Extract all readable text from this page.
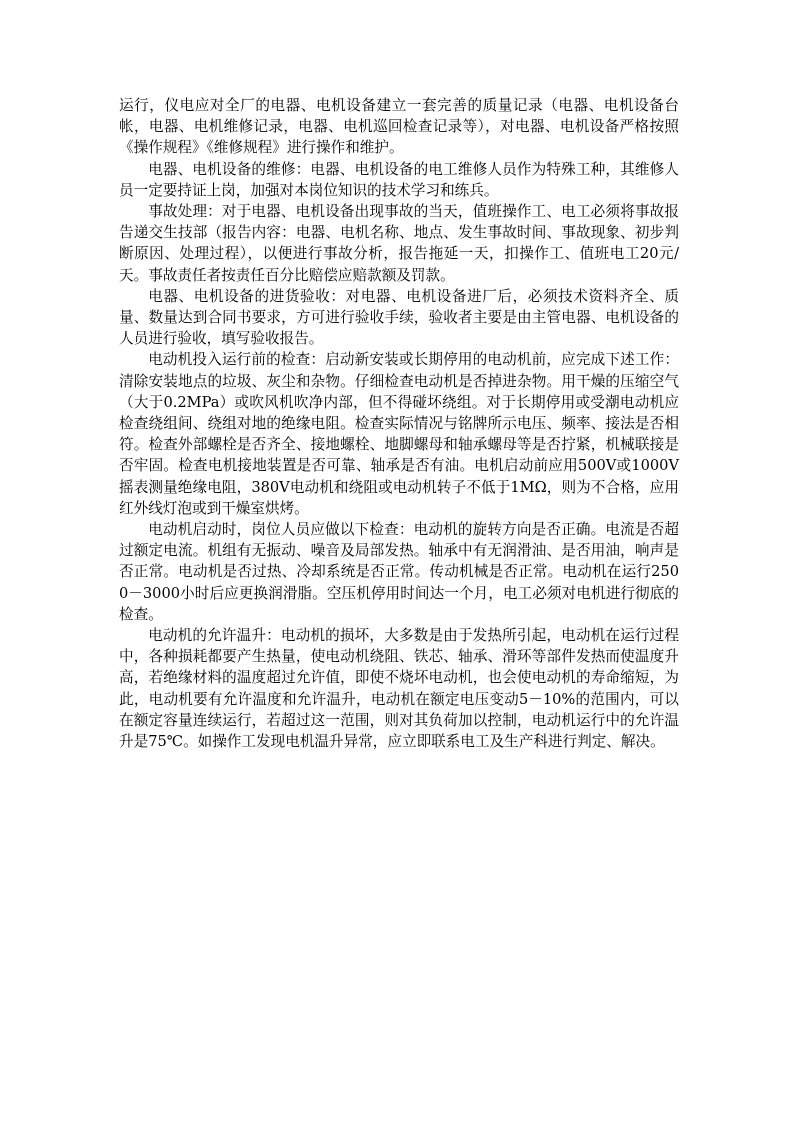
运行，仪电应对全厂的电器、电机设备建立一套完善的质量记录（电器、电机设备台帐，电器、电机维修记录，电器、电机巡回检查记录等），对电器、电机设备严格按照《操作规程》《维修规程》进行操作和维护。

电器、电机设备的维修：电器、电机设备的电工维修人员作为特殊工种，其维修人员一定要持证上岗，加强对本岗位知识的技术学习和练兵。

事故处理：对于电器、电机设备出现事故的当天，值班操作工、电工必须将事故报告递交生技部（报告内容：电器、电机名称、地点、发生事故时间、事故现象、初步判断原因、处理过程），以便进行事故分析，报告拖延一天，扣操作工、值班电工20元/天。事故责任者按责任百分比赔偿应赔款额及罚款。

电器、电机设备的进货验收：对电器、电机设备进厂后，必须技术资料齐全、质量、数量达到合同书要求，方可进行验收手续，验收者主要是由主管电器、电机设备的人员进行验收，填写验收报告。

电动机投入运行前的检查：启动新安装或长期停用的电动机前，应完成下述工作：清除安装地点的垃圾、灰尘和杂物。仔细检查电动机是否掉进杂物。用干燥的压缩空气（大于0.2MPa）或吹风机吹净内部，但不得碰坏绕组。对于长期停用或受潮电动机应检查绕组间、绕组对地的绝缘电阻。检查实际情况与铭牌所示电压、频率、接法是否相符。检查外部螺栓是否齐全、接地螺栓、地脚螺母和轴承螺母等是否拧紧，机械联接是否牢固。检查电机接地装置是否可靠、轴承是否有油。电机启动前应用500V或1000V摇表测量绝缘电阻，380V电动机和绕阻或电动机转子不低于1MΩ，则为不合格，应用红外线灯泡或到干燥室烘烤。

电动机启动时，岗位人员应做以下检查：电动机的旋转方向是否正确。电流是否超过额定电流。机组有无振动、噪音及局部发热。轴承中有无润滑油、是否用油，响声是否正常。电动机是否过热、冷却系统是否正常。传动机械是否正常。电动机在运行2500－3000小时后应更换润滑脂。空压机停用时间达一个月，电工必须对电机进行彻底的检查。

电动机的允许温升：电动机的损坏，大多数是由于发热所引起，电动机在运行过程中，各种损耗都要产生热量，使电动机绕阻、铁芯、轴承、滑环等部件发热而使温度升高，若绝缘材料的温度超过允许值，即使不烧坏电动机，也会使电动机的寿命缩短，为此，电动机要有允许温度和允许温升，电动机在额定电压变动5－10%的范围内，可以在额定容量连续运行，若超过这一范围，则对其负荷加以控制，电动机运行中的允许温升是75℃。如操作工发现电机温升异常，应立即联系电工及生产科进行判定、解决。
